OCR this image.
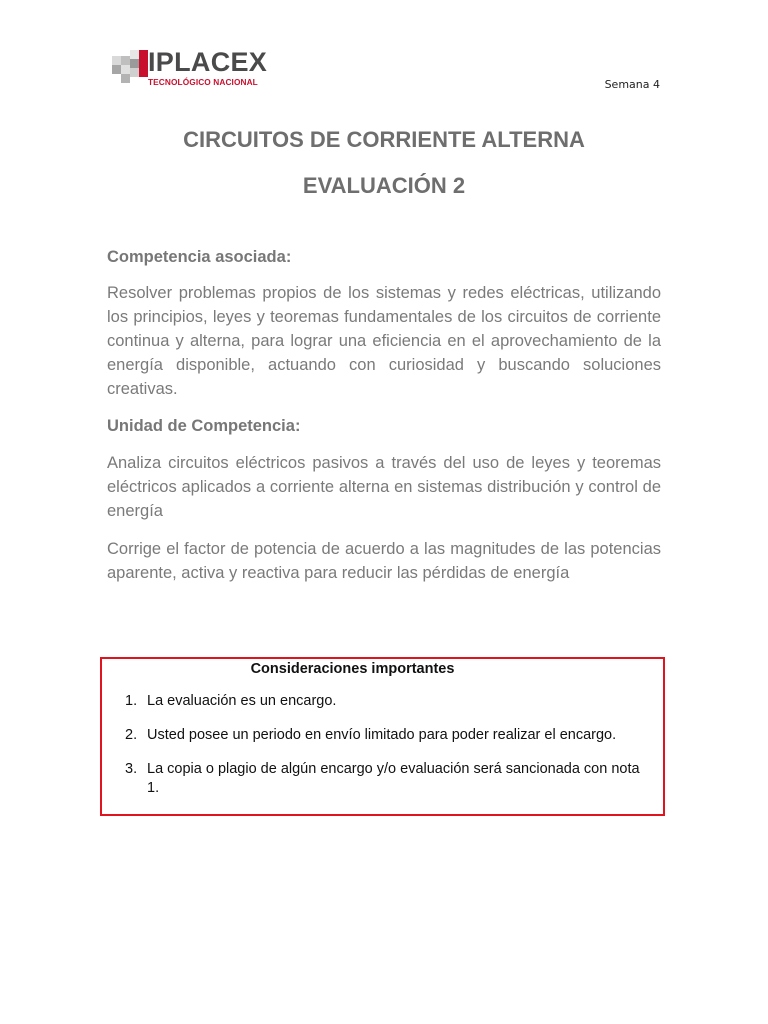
IPLACEX
TECNOLÓGICO NACIONAL	Semana 4
CIRCUITOS DE CORRIENTE ALTERNA
EVALUACIÓN 2

Competencia asociada:

Resolver problemas propios de los sistemas y redes eléctricas, utilizando los principios, leyes y teoremas fundamentales de los circuitos de corriente continua y alterna, para lograr una eficiencia en el aprovechamiento de la energía disponible, actuando con curiosidad y buscando soluciones creativas.

Unidad de Competencia:

Analiza circuitos eléctricos pasivos a través del uso de leyes y teoremas eléctricos aplicados a corriente alterna en sistemas distribución y control de energía

Corrige el factor de potencia de acuerdo a las magnitudes de las potencias aparente, activa y reactiva para reducir las pérdidas de energía

Consideraciones importantes
1. La evaluación es un encargo.
2. Usted posee un periodo en envío limitado para poder realizar el encargo.
3. La copia o plagio de algún encargo y/o evaluación será sancionada con nota 1.
